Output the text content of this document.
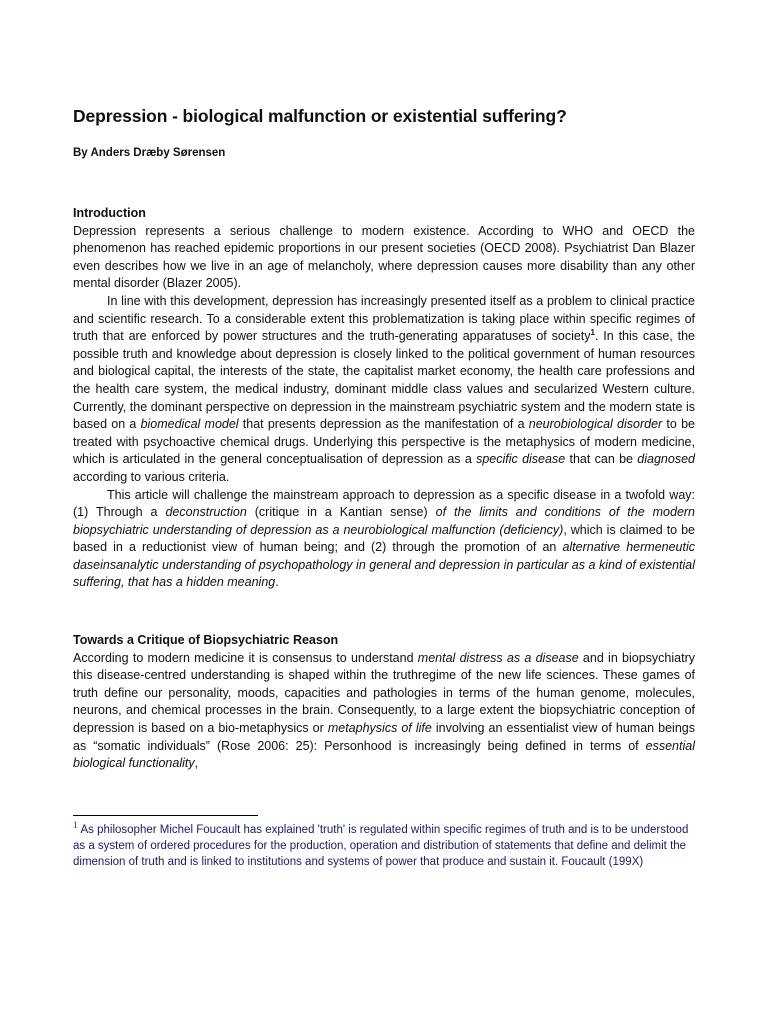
Depression - biological malfunction or existential suffering?
By Anders Dræby Sørensen
Introduction

Depression represents a serious challenge to modern existence. According to WHO and OECD the phenomenon has reached epidemic proportions in our present societies (OECD 2008). Psychiatrist Dan Blazer even describes how we live in an age of melancholy, where depression causes more disability than any other mental disorder (Blazer 2005).

In line with this development, depression has increasingly presented itself as a problem to clinical practice and scientific research. To a considerable extent this problematization is taking place within specific regimes of truth that are enforced by power structures and the truth-generating apparatuses of society$^1$. In this case, the possible truth and knowledge about depression is closely linked to the political government of human resources and biological capital, the interests of the state, the capitalist market economy, the health care professions and the health care system, the medical industry, dominant middle class values and secularized Western culture. Currently, the dominant perspective on depression in the mainstream psychiatric system and the modern state is based on a biomedical model that presents depression as the manifestation of a neurobiological disorder to be treated with psychoactive chemical drugs. Underlying this perspective is the metaphysics of modern medicine, which is articulated in the general conceptualisation of depression as a specific disease that can be diagnosed according to various criteria.

This article will challenge the mainstream approach to depression as a specific disease in a twofold way: (1) Through a deconstruction (critique in a Kantian sense) of the limits and conditions of the modern biopsychiatric understanding of depression as a neurobiological malfunction (deficiency), which is claimed to be based in a reductionist view of human being; and (2) through the promotion of an alternative hermeneutic daseinsanalytic understanding of psychopathology in general and depression in particular as a kind of existential suffering, that has a hidden meaning.

Towards a Critique of Biopsychiatric Reason

According to modern medicine it is consensus to understand mental distress as a disease and in biopsychiatry this disease-centred understanding is shaped within the truthregime of the new life sciences. These games of truth define our personality, moods, capacities and pathologies in terms of the human genome, molecules, neurons, and chemical processes in the brain. Consequently, to a large extent the biopsychiatric conception of depression is based on a bio-metaphysics or metaphysics of life involving an essentialist view of human beings as “somatic individuals” (Rose 2006: 25): Personhood is increasingly being defined in terms of essential biological functionality,

$^1$ As philosopher Michel Foucault has explained 'truth' is regulated within specific regimes of truth and is to be understood as a system of ordered procedures for the production, operation and distribution of statements that define and delimit the dimension of truth and is linked to institutions and systems of power that produce and sustain it. Foucault (199X)
